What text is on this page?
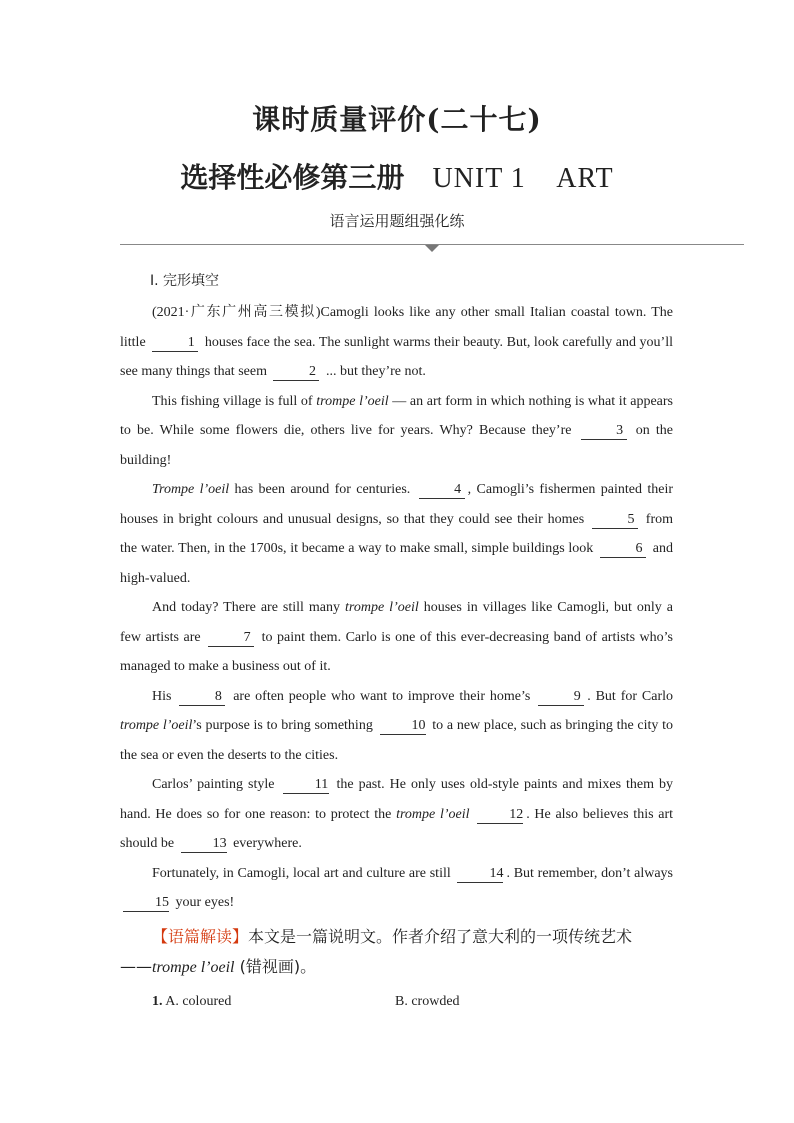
课时质量评价(二十七)
选择性必修第三册 UNIT 1    ART
语言运用题组强化练
Ⅰ. 完形填空

(2021·广东广州高三模拟)Camogli looks like any other small Italian coastal town. The little	1 houses face the sea. The sunlight warms their beauty. But, look carefully and you’ll see many things that seem	2 ... but they’re not.

This fishing village is full of trompe l’oeil — an art form in which nothing is what it appears to be. While some flowers die, others live for years. Why? Because they’re	3 on the building!

Trompe l’oeil has been around for centuries.	4 , Camogli’s fishermen painted their houses in bright colours and unusual designs, so that they could see their homes	5 from the water. Then, in the 1700s, it became a way to make small, simple buildings look	6 and high-valued.

And today? There are still many trompe l’oeil houses in villages like Camogli, but only a few artists are	7 to paint them. Carlo is one of this ever-decreasing band of artists who’s managed to make a business out of it.

His	8 are often people who want to improve their home’s	9 . But for Carlo trompe l’oeil’s purpose is to bring something	10 to a new place, such as bringing the city to the sea or even the deserts to the cities.

Carlos’ painting style	11 the past. He only uses old-style paints and mixes them by hand. He does so for one reason: to protect the trompe l’oeil	12 . He also believes this art should be	13 everywhere.

Fortunately, in Camogli, local art and culture are still	14 . But remember, don’t always 15 your eyes!

【语篇解读】本文是一篇说明文。作者介绍了意大利的一项传统艺术
——trompe l’oeil (错视画)。
1. A. coloured	B. crowded
